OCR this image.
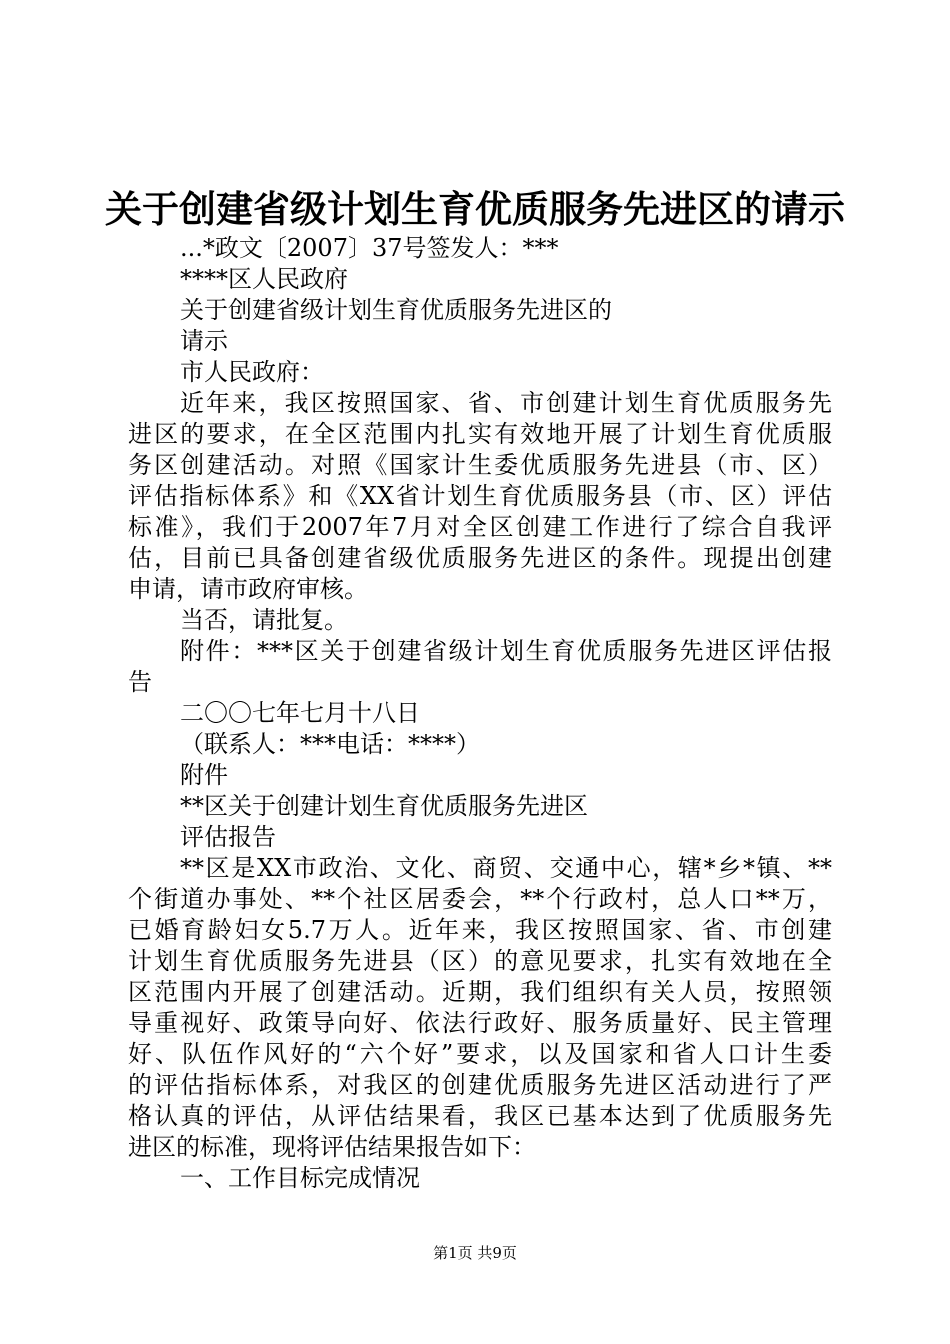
关于创建省级计划生育优质服务先进区的请示
...*政文〔2007〕37号签发人：***
****区人民政府
关于创建省级计划生育优质服务先进区的
请示
市人民政府：
近年来，我区按照国家、省、市创建计划生育优质服务先
进区的要求，在全区范围内扎实有效地开展了计划生育优质服
务区创建活动。对照《国家计生委优质服务先进县（市、区）
评估指标体系》和《XX省计划生育优质服务县（市、区）评估
标准》，我们于2007年7月对全区创建工作进行了综合自我评
估，目前已具备创建省级优质服务先进区的条件。现提出创建
申请，请市政府审核。
当否，请批复。
附件：***区关于创建省级计划生育优质服务先进区评估报
告
二〇〇七年七月十八日
（联系人：***电话：****）
附件
**区关于创建计划生育优质服务先进区
评估报告
**区是XX市政治、文化、商贸、交通中心，辖*乡*镇、**
个街道办事处、**个社区居委会，**个行政村，总人口**万，
已婚育龄妇女5.7万人。近年来，我区按照国家、省、市创建
计划生育优质服务先进县（区）的意见要求，扎实有效地在全
区范围内开展了创建活动。近期，我们组织有关人员，按照领
导重视好、政策导向好、依法行政好、服务质量好、民主管理
好、队伍作风好的“六个好”要求，以及国家和省人口计生委
的评估指标体系，对我区的创建优质服务先进区活动进行了严
格认真的评估，从评估结果看，我区已基本达到了优质服务先
进区的标准，现将评估结果报告如下：
一、工作目标完成情况
第1页 共9页
